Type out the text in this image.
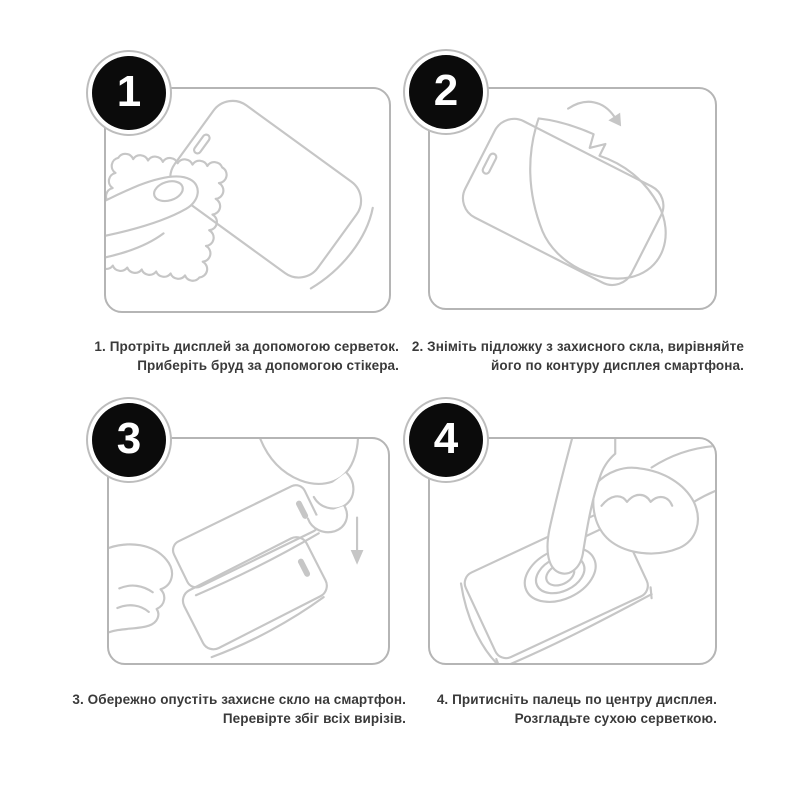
1

1. Протріть дисплей за допомогою серветок.
Приберіть бруд за допомогою стікера.

2

2. Зніміть підложку з захисного скла, вирівняйте
його по контуру дисплея смартфона.

3

3. Обережно опустіть захисне скло на смартфон.
Перевірте збіг всіх вирізів.

4

4. Притисніть палець по центру дисплея.
Розгладьте сухою серветкою.
